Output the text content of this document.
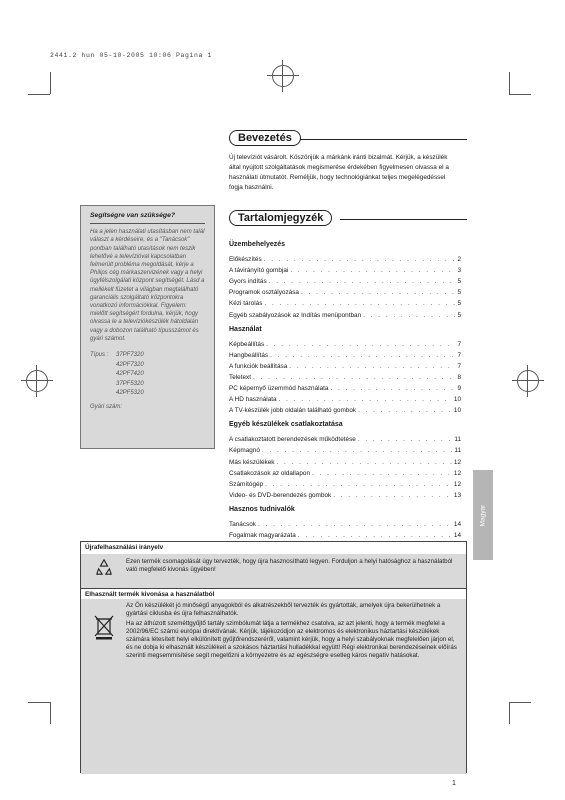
2441.2 hun 05-10-2005 10:06 Pagina 1
Bevezetés
Új televíziót vásárolt. Köszönjük a márkánk iránti bizalmát. Kérjük, a készülék által nyújtott szolgáltatások megismerése érdekében figyelmesen olvassa el a használati útmutatót. Reméljük, hogy technológiánkat teljes megelégedéssel fogja használni.
Tartalomjegyzék
Üzembehelyezés
Előkészítés . . .	2
A távirányító gombjai . . .	3
Gyors indítás . . .	5
Programok osztályozása . . .	5
Kézi tárolás . . .	5
Egyéb szabályozások az Indítás menüpontban . . .	5
Használat
Képbeállítás . . .	7
Hangbeállítás . . .	7
A funkciók beállítása . . .	7
Teletext . . .	8
PC képernyő üzemmód használata . . .	9
A HD használata . . .	10
A TV-készülék jobb oldalán található gombok . . .	10
Egyéb készülékek csatlakoztatása
A csatlakoztatott berendezések működtetése . . .	11
Képmagnó . . .	11
Más készülékek . . .	12
Csatlakozások az oldallapon . . .	12
Számítógép . . .	12
Video- és DVD-berendezés gombok . . .	13
Hasznos tudnivalók
Tanácsok . . .	14
Fogalmak magyarázata . . .	14
Segítségre van szüksége?
Ha a jelen használati utasításban nem talál választ a kérdéseire, és a "Tanácsok" pontban található utasítások nem teszik lehetővé a televízióval kapcsolatban felmerült probléma megoldását, kérje a Philips cég márkaszervizének vagy a helyi ügyfélszolgálati központ segítségét. Lásd a mellékelt füzetet a világban megtalálható garanciális szolgáltató központokra vonatkozó információkkal. Figyelem: mielőtt segítségért fordulna, kérjük, hogy olvassa le a televíziókészülék hátoldalán vagy a dobozon található típusszámot és gyári számot.
Típus :	37PF7320
42PF7320
42PF7420
37PF5320
42PF5320
Gyári szám:
Magyar
Újrafelhasználási irányelv
Ezen termék csomagolását úgy tervezték, hogy újra hasznosítható legyen. Forduljon a helyi hatósághoz a használatból való megfelelő kivonás ügyében!
Elhasznált termék kivonása a használatból
Az Ön készülékét jó minőségű anyagokból és alkatrészekből tervezték és gyártották, amelyek újra bekerülhetnek a gyártási ciklusba és újra felhasználhatók.
Ha az áthúzott szeméttgyűjtő tartály szimbólumát látja a termékhez csatolva, az azt jelenti, hogy a termék megfelel a 2002/96/EC számú európai direktívának. Kérjük, tájékozódjon az elektromos és elektronikus háztartási készülékek számára létesített helyi elkülönített gyűjtőrendszeréről, valamint kérjük, hogy a helyi szabályoknak megfelelően járjon el, és ne dobja ki elhasznált készülékeit a szokásos háztartási hulladékkal együtt! Régi elektronikai berendezéseinek előírás szerinti megsemmisítése segít megelőzni a környezetre és az egészségre esetleg káros negatív hatásokat.
1
